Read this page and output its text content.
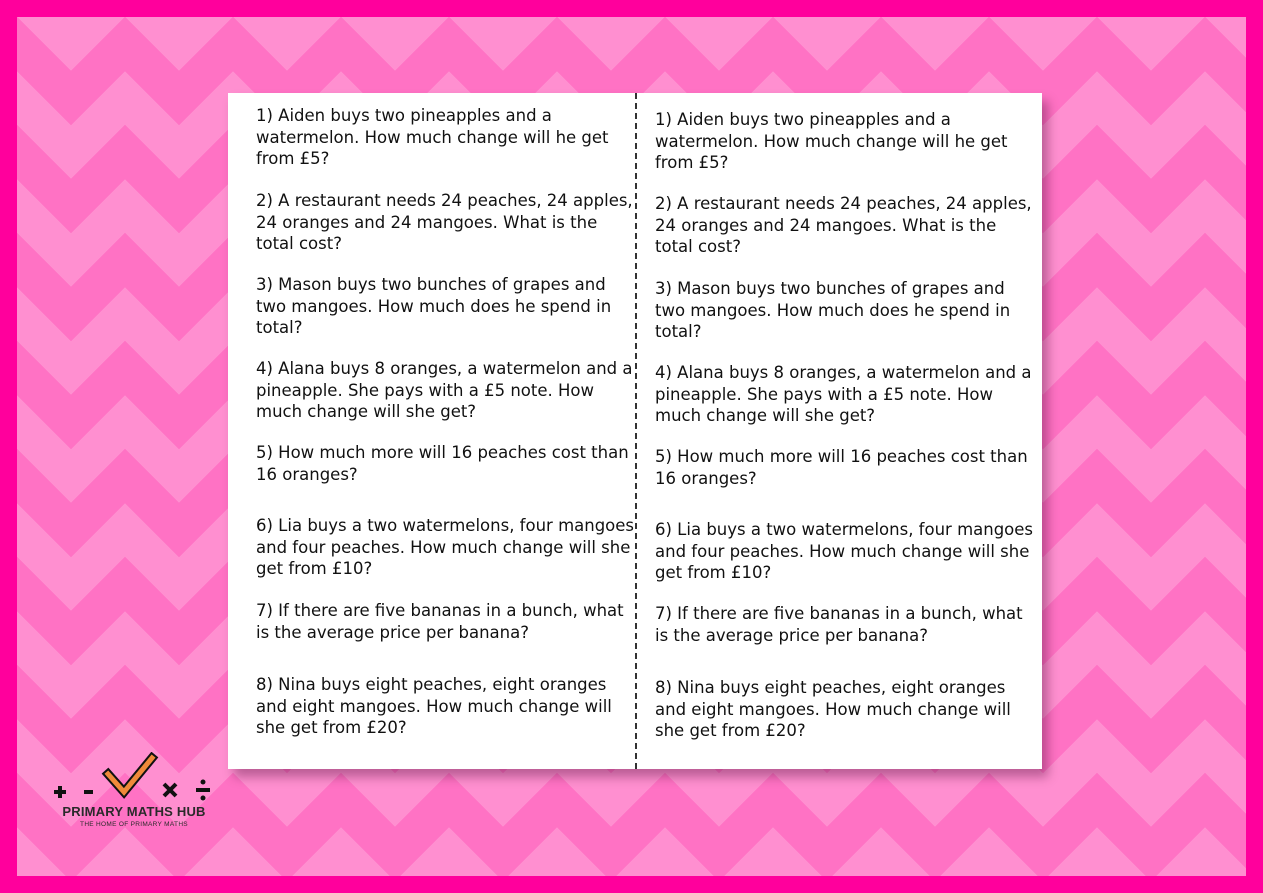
1) Aiden buys two pineapples and a watermelon. How much change will he get from £5?
2) A restaurant needs 24 peaches, 24 apples, 24 oranges and 24 mangoes. What is the total cost?
3) Mason buys two bunches of grapes and two mangoes. How much does he spend in total?
4) Alana buys 8 oranges, a watermelon and a pineapple. She pays with a £5 note. How much change will she get?
5) How much more will 16 peaches cost than 16 oranges?
6) Lia buys a two watermelons, four mangoes and four peaches. How much change will she get from £10?
7) If there are five bananas in a bunch, what is the average price per banana?
8) Nina buys eight peaches, eight oranges and eight mangoes. How much change will she get from £20?
1) Aiden buys two pineapples and a watermelon. How much change will he get from £5?
2) A restaurant needs 24 peaches, 24 apples, 24 oranges and 24 mangoes. What is the total cost?
3) Mason buys two bunches of grapes and two mangoes. How much does he spend in total?
4) Alana buys 8 oranges, a watermelon and a pineapple. She pays with a £5 note. How much change will she get?
5) How much more will 16 peaches cost than 16 oranges?
6) Lia buys a two watermelons, four mangoes and four peaches. How much change will she get from £10?
7) If there are five bananas in a bunch, what is the average price per banana?
8) Nina buys eight peaches, eight oranges and eight mangoes. How much change will she get from £20?
PRIMARY MATHS HUB
THE HOME OF PRIMARY MATHS
